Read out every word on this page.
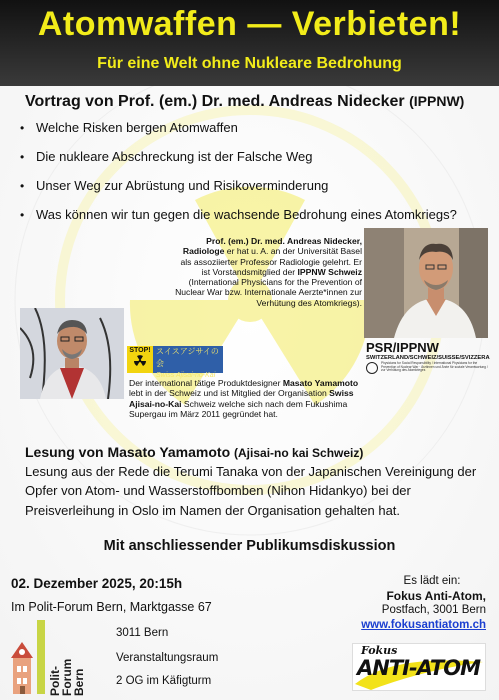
Atomwaffen — Verbieten!
Für eine Welt ohne Nukleare Bedrohung
Vortrag von Prof. (em.) Dr. med. Andreas Nidecker (IPPNW)
• Welche Risken bergen Atomwaffen
• Die nukleare Abschreckung ist der Falsche Weg
• Unser Weg zur Abrüstung und Risikoverminderung
• Was können wir tun gegen die wachsende Bedrohung eines Atomkriegs?
Prof. (em.) Dr. med. Andreas Nidecker, Radiologe er hat u. A. an der Universität Basel als assoziierter Professor Radiologie gelehrt. Er ist Vorstandsmitglied der IPPNW Schweiz (International Physicians for the Prevention of Nuclear War bzw. Internationale Aerzte*innen zur Verhütung des Atomkriegs).
PSR/IPPNW
SWITZERLAND/SCHWEIZ/SUISSE/SVIZZERA
Physicians for Social Responsibility / International Physicians for the Prevention of Nuclear War · Ärztinnen und Ärzte für soziale Verantwortung / zur Verhütung des Atomkrieges
STOP! スイスアジサイの会
Swiss Ajisai-no-Kai
Der international tätige Produktdesigner Masato Yamamoto lebt in der Schweiz und ist Mitglied der Organisation Swiss Ajisai-no-Kai Schweiz welche sich nach dem Fukushima Supergau im März 2011 gegründet hat.
Lesung von Masato Yamamoto (Ajisai-no kai Schweiz)
Lesung aus der Rede die Terumi Tanaka von der Japanischen Vereinigung der Opfer von Atom- und Wasserstoffbomben (Nihon Hidankyo) bei der Preisverleihung in Oslo im Namen der Organisation gehalten hat.
Mit anschliessender Publikumsdiskussion
02. Dezember 2025, 20:15h
Im Polit-Forum Bern, Marktgasse 67
Polit-
Forum
Bern
3011 Bern
Veranstaltungsraum
2 OG im Käfigturm
Es lädt ein:
Fokus Anti-Atom,
Postfach, 3001 Bern
www.fokusantiatom.ch
Fokus
ANTI-ATOM
